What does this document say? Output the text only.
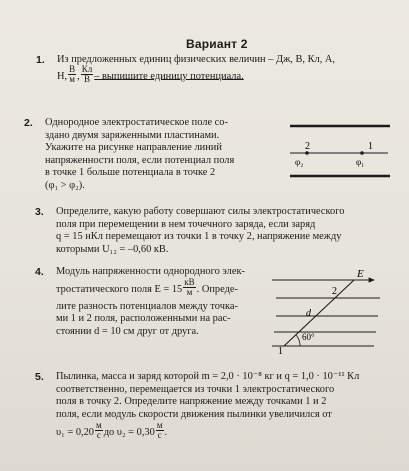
Вариант 2
1. Из предложенных единиц физических величин – Дж, В, Кл, А,
Н, $\frac{В}{м}$ , $\frac{Кл}{В}$ – выпишите единицу потенциала.
2. Однородное электростатическое поле со-
здано двумя заряженными пластинами.
Укажите на рисунке направление линий
напряженности поля, если потенциал поля
в точке 1 больше потенциала в точке 2
(φ₁ > φ₂).
2	1
φ₂	φ₁
3. Определите, какую работу совершают силы электростатического
поля при перемещении в нем точечного заряда, если заряд
q = 15 нКл перемещают из точки 1 в точку 2, напряжение между
которыми U₁₂ = –0,60 кВ.
4. Модуль напряженности однородного элек-
тростатического поля $E = 15 \frac{кВ}{м}$ . Опреде-
лите разность потенциалов между точка-
ми 1 и 2 поля, расположенными на рас-
стоянии d = 10 см друг от друга.
E
2
d
60°
1
5. Пылинка, масса и заряд которой m = 2,0 · 10⁻⁸ кг и q = 1,0 · 10⁻¹¹ Кл
соответственно, перемещается из точки 1 электростатического
поля в точку 2. Определите напряжение между точками 1 и 2
поля, если модуль скорости движения пылинки увеличился от
$\upsilon_1 = 0,20 \frac{м}{с}$ до $\upsilon_2 = 0,30 \frac{м}{с}$ .
